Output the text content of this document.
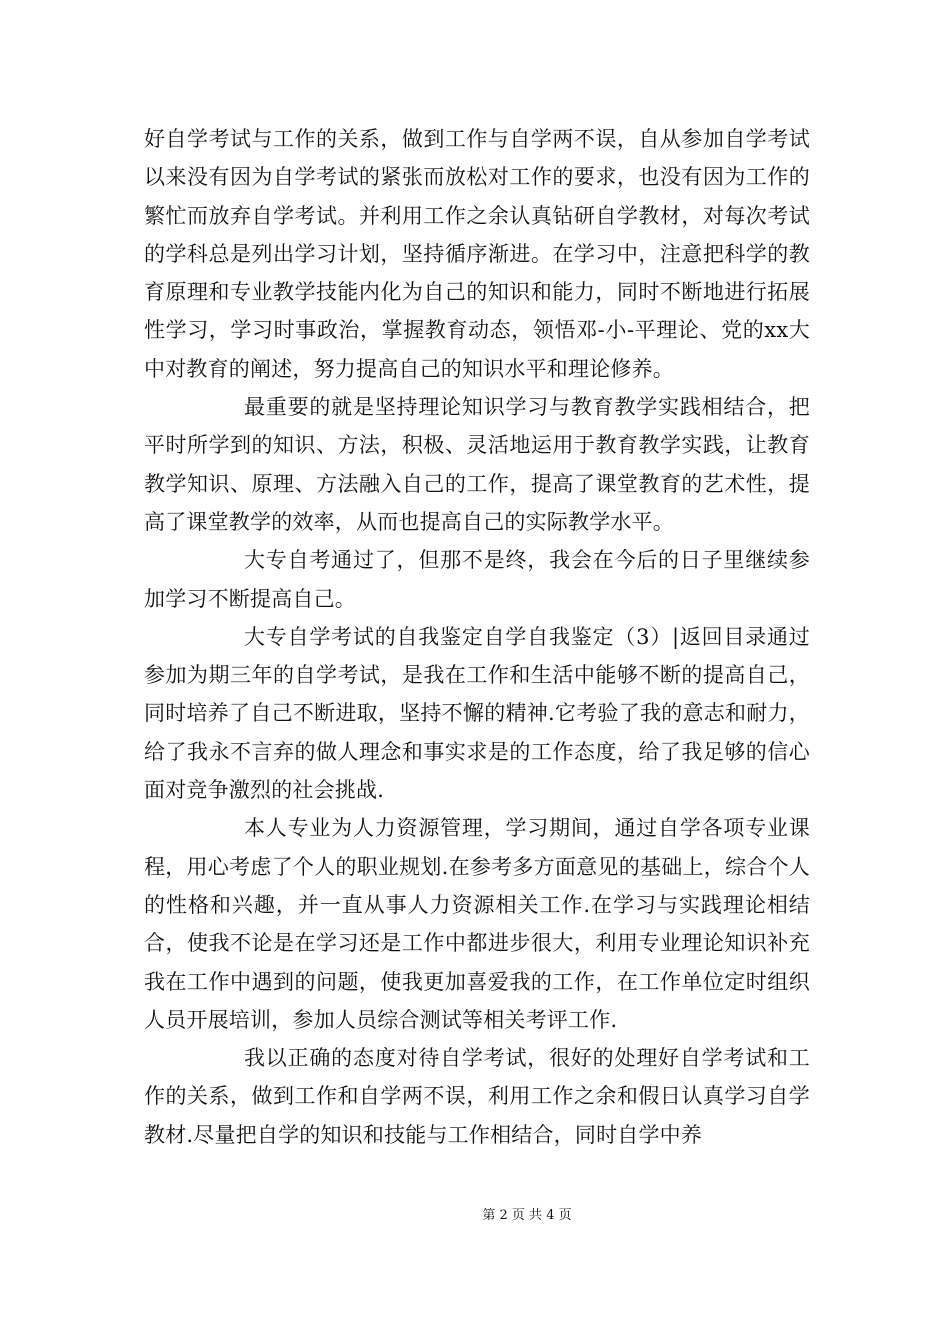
好自学考试与工作的关系，做到工作与自学两不误，自从参加自学考试以来没有因为自学考试的紧张而放松对工作的要求，也没有因为工作的繁忙而放弃自学考试。并利用工作之余认真钻研自学教材，对每次考试的学科总是列出学习计划，坚持循序渐进。在学习中，注意把科学的教育原理和专业教学技能内化为自己的知识和能力，同时不断地进行拓展性学习，学习时事政治，掌握教育动态，领悟邓-小-平理论、党的xx大中对教育的阐述，努力提高自己的知识水平和理论修养。

最重要的就是坚持理论知识学习与教育教学实践相结合，把平时所学到的知识、方法，积极、灵活地运用于教育教学实践，让教育教学知识、原理、方法融入自己的工作，提高了课堂教育的艺术性，提高了课堂教学的效率，从而也提高自己的实际教学水平。

大专自考通过了，但那不是终，我会在今后的日子里继续参加学习不断提高自己。

大专自学考试的自我鉴定自学自我鉴定（3）|返回目录通过参加为期三年的自学考试，是我在工作和生活中能够不断的提高自己，同时培养了自己不断进取，坚持不懈的精神.它考验了我的意志和耐力，给了我永不言弃的做人理念和事实求是的工作态度，给了我足够的信心面对竞争激烈的社会挑战.

本人专业为人力资源管理，学习期间，通过自学各项专业课程，用心考虑了个人的职业规划.在参考多方面意见的基础上，综合个人的性格和兴趣，并一直从事人力资源相关工作.在学习与实践理论相结合，使我不论是在学习还是工作中都进步很大，利用专业理论知识补充我在工作中遇到的问题，使我更加喜爱我的工作，在工作单位定时组织人员开展培训，参加人员综合测试等相关考评工作.

我以正确的态度对待自学考试，很好的处理好自学考试和工作的关系，做到工作和自学两不误，利用工作之余和假日认真学习自学教材.尽量把自学的知识和技能与工作相结合，同时自学中养

第 2 页 共 4 页
